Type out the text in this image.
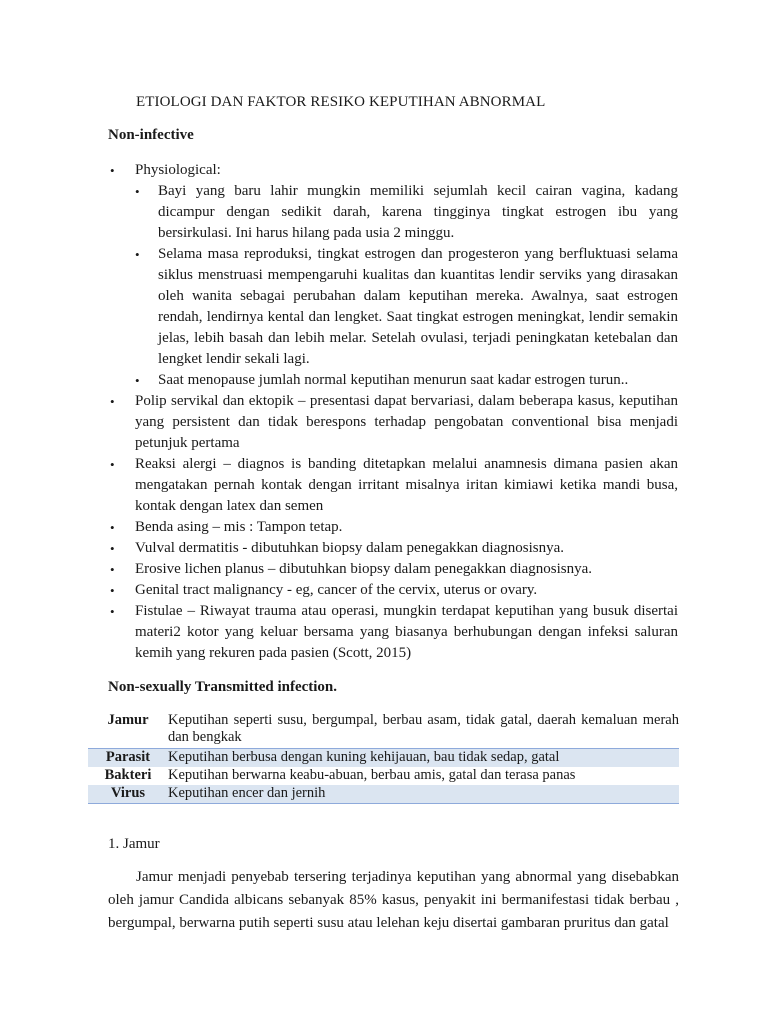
ETIOLOGI DAN FAKTOR RESIKO KEPUTIHAN ABNORMAL

Non-infective

• Physiological:
• Bayi yang baru lahir mungkin memiliki sejumlah kecil cairan vagina, kadang dicampur dengan sedikit darah, karena tingginya tingkat estrogen ibu yang bersirkulasi. Ini harus hilang pada usia 2 minggu.
• Selama masa reproduksi, tingkat estrogen dan progesteron yang berfluktuasi selama siklus menstruasi mempengaruhi kualitas dan kuantitas lendir serviks yang dirasakan oleh wanita sebagai perubahan dalam keputihan mereka. Awalnya, saat estrogen rendah, lendirnya kental dan lengket. Saat tingkat estrogen meningkat, lendir semakin jelas, lebih basah dan lebih melar. Setelah ovulasi, terjadi peningkatan ketebalan dan lengket lendir sekali lagi.
• Saat menopause jumlah normal keputihan menurun saat kadar estrogen turun..
• Polip servikal dan ektopik – presentasi dapat bervariasi, dalam beberapa kasus, keputihan yang persistent dan tidak berespons terhadap pengobatan conventional bisa menjadi petunjuk pertama
• Reaksi alergi – diagnos is banding ditetapkan melalui anamnesis dimana pasien akan mengatakan pernah kontak dengan irritant misalnya iritan kimiawi ketika mandi busa, kontak dengan latex dan semen
• Benda asing – mis : Tampon tetap.
• Vulval dermatitis - dibutuhkan biopsy dalam penegakkan diagnosisnya.
• Erosive lichen planus – dibutuhkan biopsy dalam penegakkan diagnosisnya.
• Genital tract malignancy - eg, cancer of the cervix, uterus or ovary.
• Fistulae – Riwayat trauma atau operasi, mungkin terdapat keputihan yang busuk disertai materi2 kotor yang keluar bersama yang biasanya berhubungan dengan infeksi saluran kemih yang rekuren pada pasien (Scott, 2015)

Non-sexually Transmitted infection.

Jamur	Keputihan seperti susu, bergumpal, berbau asam, tidak gatal, daerah kemaluan merah dan bengkak
Parasit	Keputihan berbusa dengan kuning kehijauan, bau tidak sedap, gatal
Bakteri	Keputihan berwarna keabu-abuan, berbau amis, gatal dan terasa panas
Virus	Keputihan encer dan jernih

1. Jamur

Jamur menjadi penyebab tersering terjadinya keputihan yang abnormal yang disebabkan oleh jamur Candida albicans sebanyak 85% kasus, penyakit ini bermanifestasi tidak berbau , bergumpal, berwarna putih seperti susu atau lelehan keju disertai gambaran pruritus dan gatal
